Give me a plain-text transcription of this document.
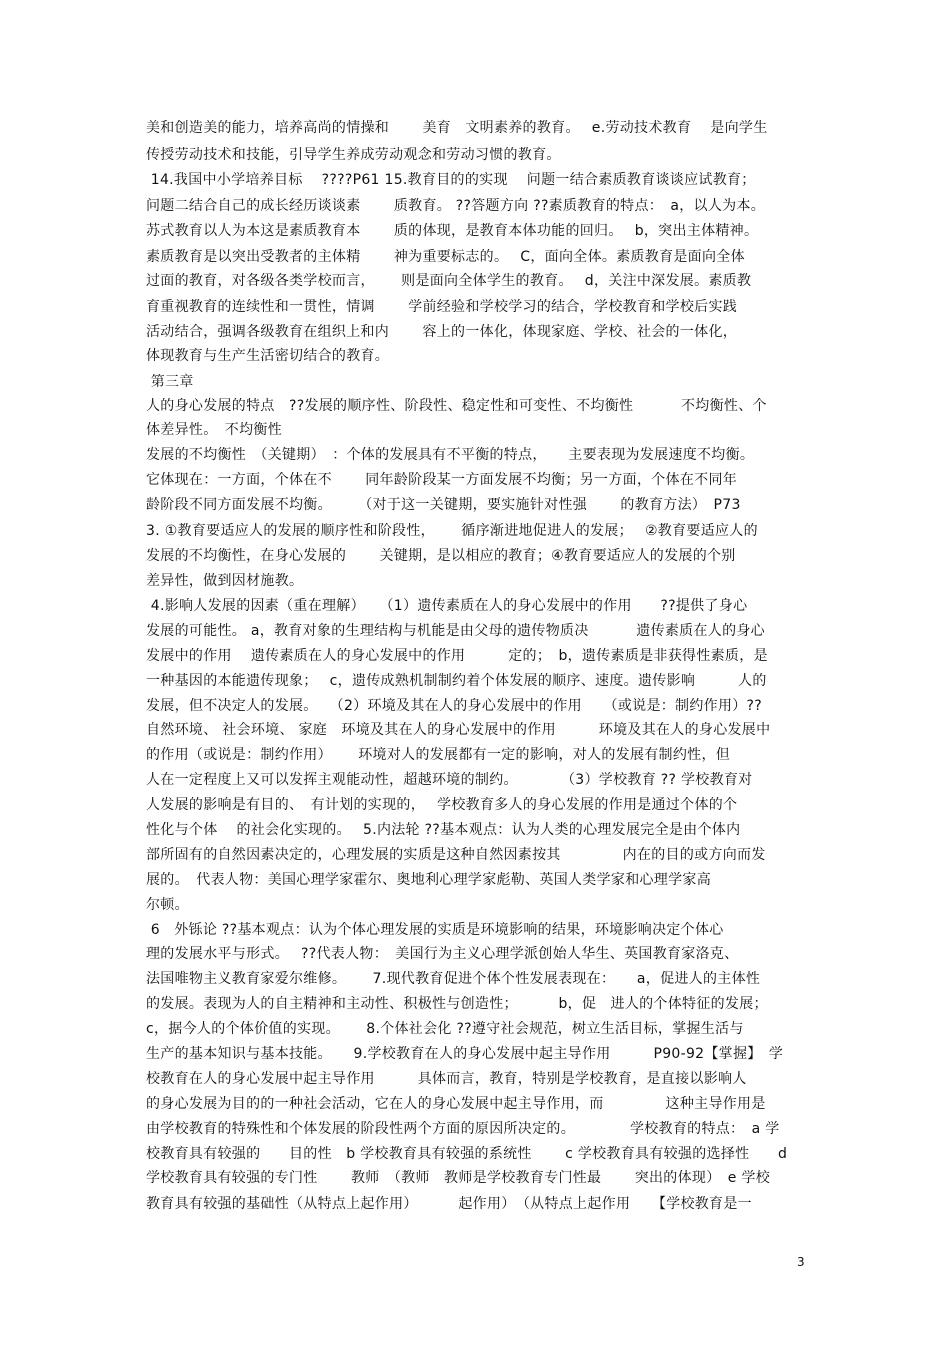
美和创造美的能力，培养高尚的情操和　　 美育　文明素养的教育。　 e.劳动技术教育　 是向学生
传授劳动技术和技能，引导学生养成劳动观念和劳动习惯的教育。
14.我国中小学培养目标　 ????P61 15.教育目的的实现　 问题一结合素质教育谈谈应试教育；
问题二结合自己的成长经历谈谈素　　 质教育。 ??答题方向 ??素质教育的特点：　a，以人为本。
苏式教育以人为本这是素质教育本　　 质的体现，是教育本体功能的回归。　 b，突出主体精神。
素质教育是以突出受教者的主体精　　 神为重要标志的。　 C，面向全体。素质教育是面向全体
过面的教育，对各级各类学校而言，　　 则是面向全体学生的教育。　 d，关注中深发展。素质教
育重视教育的连续性和一贯性，情调　　 学前经验和学校学习的结合，学校教育和学校后实践
活动结合，强调各级教育在组织上和内　　 容上的一体化，体现家庭、学校、社会的一体化，
体现教育与生产生活密切结合的教育。
第三章
人的身心发展的特点　??发展的顺序性、阶段性、稳定性和可变性、不均衡性　　　 不均衡性、个
体差异性。　不均衡性
发展的不均衡性　（关键期）　：个体的发展具有不平衡的特点，　　主要表现为发展速度不均衡。
它体现在：一方面，个体在不　　 同年龄阶段某一方面发展不均衡；另一方面，个体在不同年
龄阶段不同方面发展不均衡。　　 （对于这一关键期，要实施针对性强　　 的教育方法）　P73
3. ①教育要适应人的发展的顺序性和阶段性，　　 循序渐进地促进人的发展；　 ②教育要适应人的
发展的不均衡性，在身心发展的　　 关键期，是以相应的教育；④教育要适应人的发展的个别
差异性，做到因材施教。
4.影响人发展的因素（重在理解）　　（1）遗传素质在人的身心发展中的作用　　??提供了身心
发展的可能性。 a，教育对象的生理结构与机能是由父母的遗传物质决　　　 遗传素质在人的身心
发展中的作用　 遗传素质在人的身心发展中的作用　　　定的；　b，遗传素质是非获得性素质，是
一种基因的本能遗传现象；　 c，遗传成熟机制制约着个体发展的顺序、速度。遗传影响　　　人的
发展，但不决定人的发展。　 （2）环境及其在人的身心发展中的作用　　（或说是：制约作用）??
自然环境、 社会环境、 家庭　环境及其在人的身心发展中的作用　　　环境及其在人的身心发展中
的作用（或说是：制约作用）　　 环境对人的发展都有一定的影响，对人的发展有制约性，但
人在一定程度上又可以发挥主观能动性，超越环境的制约。　　　　（3）学校教育 ?? 学校教育对
人发展的影响是有目的、　有计划的实现的，　 学校教育多人的身心发展的作用是通过个体的个
性化与个体　 的社会化实现的。　 5.内法轮 ??基本观点：认为人类的心理发展完全是由个体内
部所固有的自然因素决定的，心理发展的实质是这种自然因素按其　　　　 内在的目的或方向而发
展的。　代表人物：美国心理学家霍尔、奥地利心理学家彪勒、英国人类学家和心理学家高
尔顿。
6　外铄论 ??基本观点：认为个体心理发展的实质是环境影响的结果，环境影响决定个体心
理的发展水平与形式。　 ??代表人物：　美国行为主义心理学派创始人华生、英国教育家洛克、
法国唯物主义教育家爱尔维修。　　 7.现代教育促进个体个性发展表现在：　　a，促进人的主体性
的发展。表现为人的自主精神和主动性、积极性与创造性；　　　 b，促　进人的个体特征的发展；
c，据今人的个体价值的实现。　　 8.个体社会化 ??遵守社会规范，树立生活目标，掌握生活与
生产的基本知识与基本技能。　　9.学校教育在人的身心发展中起主导作用　　　P90-92【掌握】　学
校教育在人的身心发展中起主导作用　　　具体而言，教育，特别是学校教育，是直接以影响人
的身心发展为目的的一种社会活动，它在人的身心发展中起主导作用，而　　　　 这种主导作用是
由学校教育的特殊性和个体发展的阶段性两个方面的原因所决定的。　　　　 学校教育的特点：　a 学
校教育具有较强的　　目的性　b 学校教育具有较强的系统性　　 c 学校教育具有较强的选择性　　d
学校教育具有较强的专门性　　 教师　（教师　教师是学校教育专门性最　　 突出的体现）　e 学校
教育具有较强的基础性（从特点上起作用）　　　 起作用）　（从特点上起作用　　【学校教育是一
3
